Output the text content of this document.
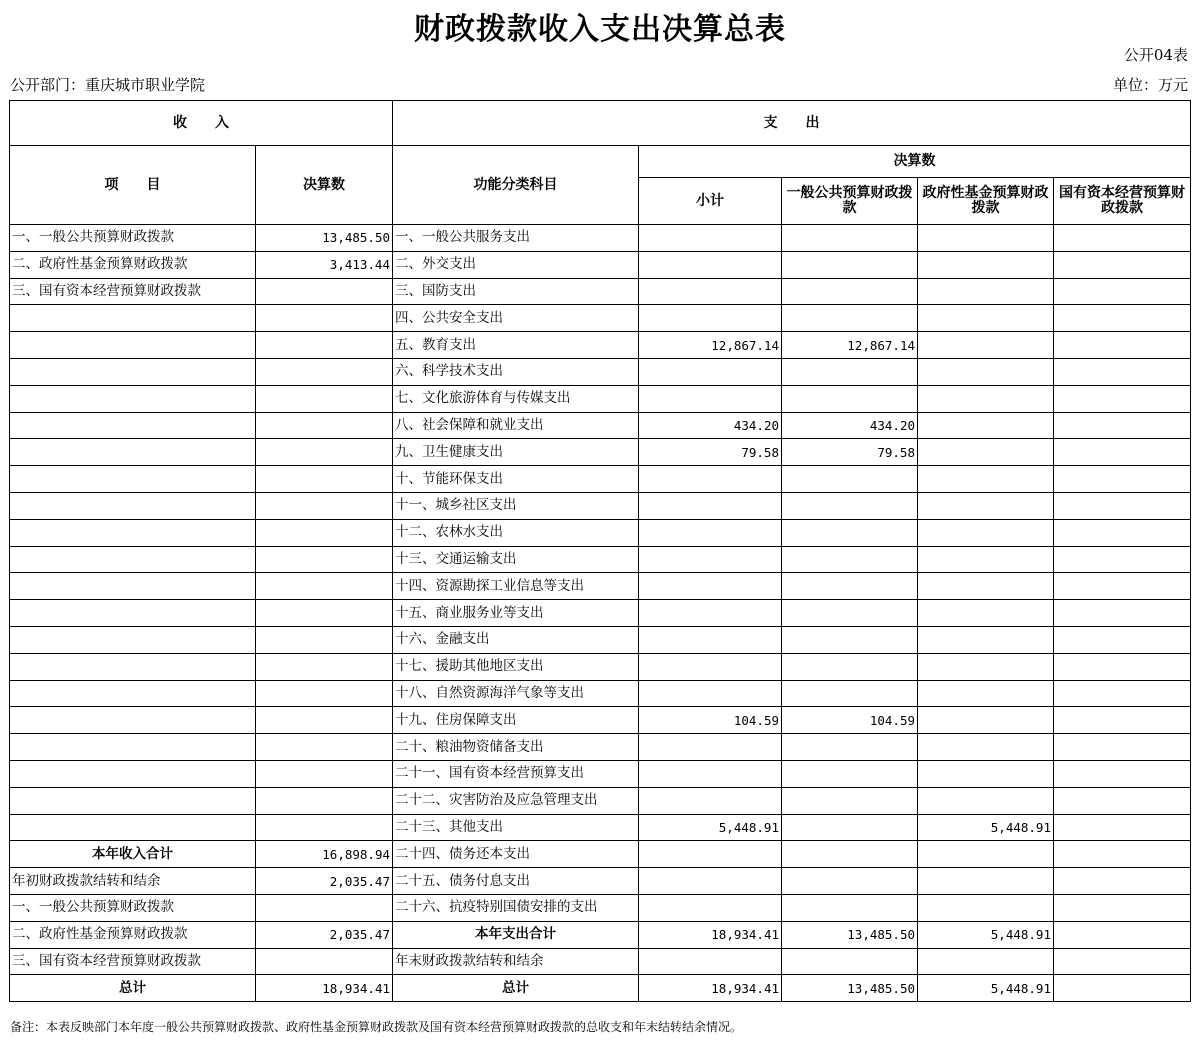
财政拨款收入支出决算总表
公开04表
公开部门：重庆城市职业学院	单位：万元
收　　入		支　　出				
项　　目	决算数	功能分类科目	决算数			
			小计	一般公共预算财政拨款	政府性基金预算财政拨款	国有资本经营预算财政拨款
一、一般公共预算财政拨款	13,485.50	一、一般公共服务支出				
二、政府性基金预算财政拨款	3,413.44	二、外交支出				
三、国有资本经营预算财政拨款		三、国防支出				
		四、公共安全支出				
		五、教育支出	12,867.14	12,867.14		
		六、科学技术支出				
		七、文化旅游体育与传媒支出				
		八、社会保障和就业支出	434.20	434.20		
		九、卫生健康支出	79.58	79.58		
		十、节能环保支出				
		十一、城乡社区支出				
		十二、农林水支出				
		十三、交通运输支出				
		十四、资源勘探工业信息等支出				
		十五、商业服务业等支出				
		十六、金融支出				
		十七、援助其他地区支出				
		十八、自然资源海洋气象等支出				
		十九、住房保障支出	104.59	104.59		
		二十、粮油物资储备支出				
		二十一、国有资本经营预算支出				
		二十二、灾害防治及应急管理支出				
		二十三、其他支出	5,448.91		5,448.91	
本年收入合计	16,898.94	二十四、债务还本支出				
年初财政拨款结转和结余	2,035.47	二十五、债务付息支出				
一、一般公共预算财政拨款		二十六、抗疫特别国债安排的支出				
二、政府性基金预算财政拨款	2,035.47	本年支出合计	18,934.41	13,485.50	5,448.91	
三、国有资本经营预算财政拨款		年末财政拨款结转和结余				
总计	18,934.41	总计	18,934.41	13,485.50	5,448.91	
备注：本表反映部门本年度一般公共预算财政拨款、政府性基金预算财政拨款及国有资本经营预算财政拨款的总收支和年末结转结余情况。
